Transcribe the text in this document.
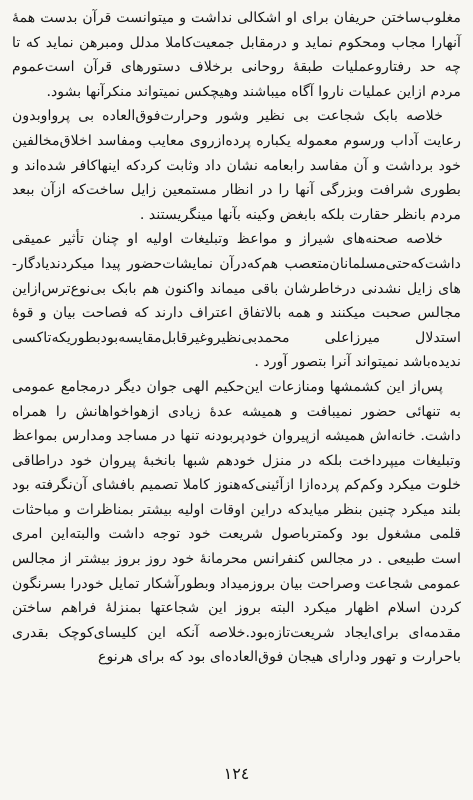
مغلوب‌ساختن حریفان برای او اشکالی نداشت و میتوانست قرآن بدست همهٔ آنهارا مجاب ومحکوم نماید و درمقابل جمعیت‌کاملا مدلل ومبرهن نماید که تا چه حد رفتاروعملیات طبقهٔ روحانی برخلاف دستورهای قرآن است‌عموم مردم ازاین عملیات ناروا آگاه میباشند وهیچکس نمیتواند منکرآنها بشود.

خلاصه بابک شجاعت بی نظیر وشور وحرارت‌فوق‌العاده بی پرواوبدون رعایت آداب ورسوم معموله یکباره پرده‌ازروی معایب ومفاسد اخلاق‌مخالفین خود برداشت و آن مفاسد رابعامه نشان داد وثابت کردکه اینهاکافر شده‌اند و بطوری شرافت وبزرگی آنها را در انظار مستمعین زایل ساخت‌که ازآن ببعد مردم بانظر حقارت بلکه بابغض وکینه بآنها مینگریستند .

خلاصه صحنه‌های شیراز و مواعظ وتبلیغات اولیه او چنان تأثیر عمیقی داشت‌که‌حتی‌مسلمانان‌متعصب هم‌که‌درآن نمایشات‌حضور پیدا میکردندیادگار- های زایل نشدنی درخاطرشان باقی میماند واکنون هم بابک بی‌نوع‌ترس‌ازاین مجالس صحبت میکنند و همه بالاتفاق اعتراف دارند که فصاحت بیان و قوهٔ استدلال میرزاعلی محمدبی‌نظیروغیرقابل‌مقایسه‌بودبطوریکه‌تاکسی ندیده‌باشد نمیتواند آنرا بتصور آورد .

پس‌از این کشمشها ومنازعات این‌حکیم الهی جوان دیگر درمجامع عمومی به تنهائی حضور نمیبافت و همیشه عدهٔ زیادی ازهواخواهانش را همراه داشت. خانه‌اش همیشه ازپیروان خودپربودنه تنها در مساجد ومدارس بمواعظ وتبلیغات میپرداخت بلکه در منزل خودهم شبها بانخبهٔ پیروان خود دراطاقی خلوت میکرد وکم‌کم پرده‌ازا ازآئینی‌که‌هنوز کاملا تصمیم بافشای آن‌نگرفته بود بلند میکرد چنین بنظر میایدکه دراین اوقات اولیه بیشتر بمناظرات و مباحثات قلمی مشغول بود وکمتربا‌صول شریعت خود توجه داشت والبته‌این امری است طبیعی . در مجالس کنفرانس محرمانهٔ خود روز بروز بیشتر از مجالس عمومی شجاعت وصراحت بیان بروزمیداد وبطورآشکار تمایل خودرا بسرنگون کردن اسلام اظهار میکرد البته بروز این شجاعتها بمنزلهٔ فراهم ساختن مقدمه‌ای برای‌ایجاد شریعت‌تازه‌بود.خلاصه آنکه این کلیسای‌کوچک بقدری باحرارت و تهور ودارای هیجان فوق‌العاده‌ای بود که برای هرنوع

١٢٤
